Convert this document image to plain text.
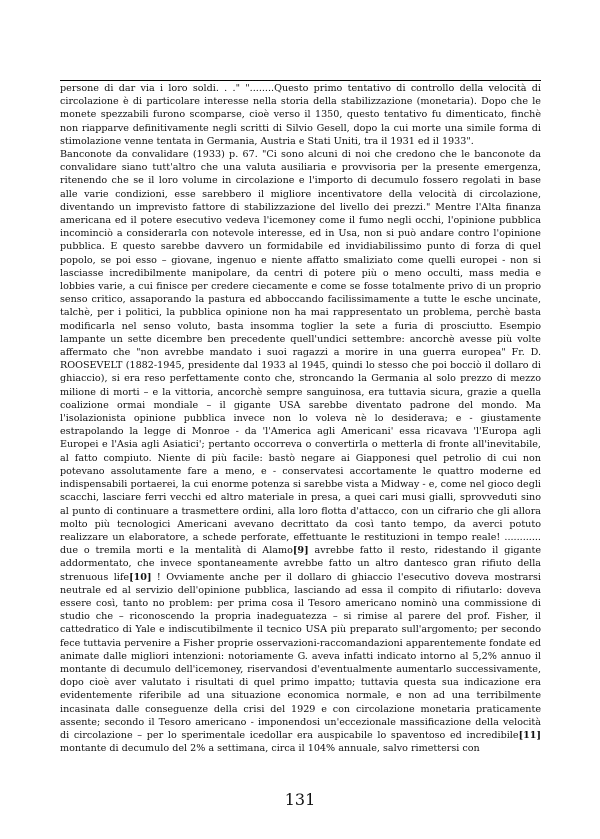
persone di dar via i loro soldi. . ." "........Questo primo tentativo di controllo della velocità di circolazione è di particolare interesse nella storia della stabilizzazione (monetaria). Dopo che le monete spezzabili furono scomparse, cioè verso il 1350, questo tentativo fu dimenticato, finchè non riapparve definitivamente negli scritti di Silvio Gesell, dopo la cui morte una simile forma di stimolazione venne tentata in Germania, Austria e Stati Uniti, tra il 1931 ed il 1933".

Banconote da convalidare (1933) p. 67. "Ci sono alcuni di noi che credono che le banconote da convalidare siano tutt'altro che una valuta ausiliaria e provvisoria per la presente emergenza, ritenendo che se il loro volume in circolazione e l'importo di decumulo fossero regolati in base alle varie condizioni, esse sarebbero il migliore incentivatore della velocità di circolazione, diventando un imprevisto fattore di stabilizzazione del livello dei prezzi." Mentre l'Alta finanza americana ed il potere esecutivo vedeva l'icemoney come il fumo negli occhi, l'opinione pubblica incominciò a considerarla con notevole interesse, ed in Usa, non si può andare contro l'opinione pubblica. E questo sarebbe davvero un formidabile ed invidiabilissimo punto di forza di quel popolo, se poi esso – giovane, ingenuo e niente affatto smaliziato come quelli europei - non si lasciasse incredibilmente manipolare, da centri di potere più o meno occulti, mass media e lobbies varie, a cui finisce per credere ciecamente e come se fosse totalmente privo di un proprio senso critico, assaporando la pastura ed abboccando facilissimamente a tutte le esche uncinate, talchè, per i politici, la pubblica opinione non ha mai rappresentato un problema, perchè basta modificarla nel senso voluto, basta insomma toglier la sete a furia di prosciutto. Esempio lampante un sette dicembre ben precedente quell'undici settembre: ancorchè avesse più volte affermato che "non avrebbe mandato i suoi ragazzi a morire in una guerra europea" Fr. D. ROOSEVELT (1882-1945, presidente dal 1933 al 1945, quindi lo stesso che poi bocciò il dollaro di ghiaccio), si era reso perfettamente conto che, stroncando la Germania al solo prezzo di mezzo milione di morti – e la vittoria, ancorchè sempre sanguinosa, era tuttavia sicura, grazie a quella coalizione ormai mondiale – il gigante USA sarebbe diventato padrone del mondo. Ma l'isolazionista opinione pubblica invece non lo voleva nè lo desiderava; e - giustamente estrapolando la legge di Monroe - da 'l'America agli Americani' essa ricavava 'l'Europa agli Europei e l'Asia agli Asiatici'; pertanto occorreva o convertirla o metterla di fronte all'inevitabile, al fatto compiuto. Niente di più facile: bastò negare ai Giapponesi quel petrolio di cui non potevano assolutamente fare a meno, e - conservatesi accortamente le quattro moderne ed indispensabili portaerei, la cui enorme potenza si sarebbe vista a Midway - e, come nel gioco degli scacchi, lasciare ferri vecchi ed altro materiale in presa, a quei cari musi gialli, sprovveduti sino al punto di continuare a trasmettere ordini, alla loro flotta d'attacco, con un cifrario che gli allora molto più tecnologici Americani avevano decrittato da così tanto tempo, da averci potuto realizzare un elaboratore, a schede perforate, effettuante le restituzioni in tempo reale! ............ due o tremila morti e la mentalità di Alamo[9] avrebbe fatto il resto, ridestando il gigante addormentato, che invece spontaneamente avrebbe fatto un altro dantesco gran rifiuto della strenuous life[10] ! Ovviamente anche per il dollaro di ghiaccio l'esecutivo doveva mostrarsi neutrale ed al servizio dell'opinione pubblica, lasciando ad essa il compito di rifiutarlo: doveva essere così, tanto no problem: per prima cosa il Tesoro americano nominò una commissione di studio che – riconoscendo la propria inadeguatezza – si rimise al parere del prof. Fisher, il cattedratico di Yale e indiscutibilmente il tecnico USA più preparato sull'argomento; per secondo fece tuttavia pervenire a Fisher proprie osservazioni-raccomandazioni apparentemente fondate ed animate dalle migliori intenzioni: notoriamente G. aveva infatti indicato intorno al 5,2% annuo il montante di decumulo dell'icemoney, riservandosi d'eventualmente aumentarlo successivamente, dopo cioè aver valutato i risultati di quel primo impatto; tuttavia questa sua indicazione era evidentemente riferibile ad una situazione economica normale, e non ad una terribilmente incasinata dalle conseguenze della crisi del 1929 e con circolazione monetaria praticamente assente; secondo il Tesoro americano - imponendosi un'eccezionale massificazione della velocità di circolazione – per lo sperimentale icedollar era auspicabile lo spaventoso ed incredibile[11] montante di decumulo del 2% a settimana, circa il 104% annuale, salvo rimettersi con

131
